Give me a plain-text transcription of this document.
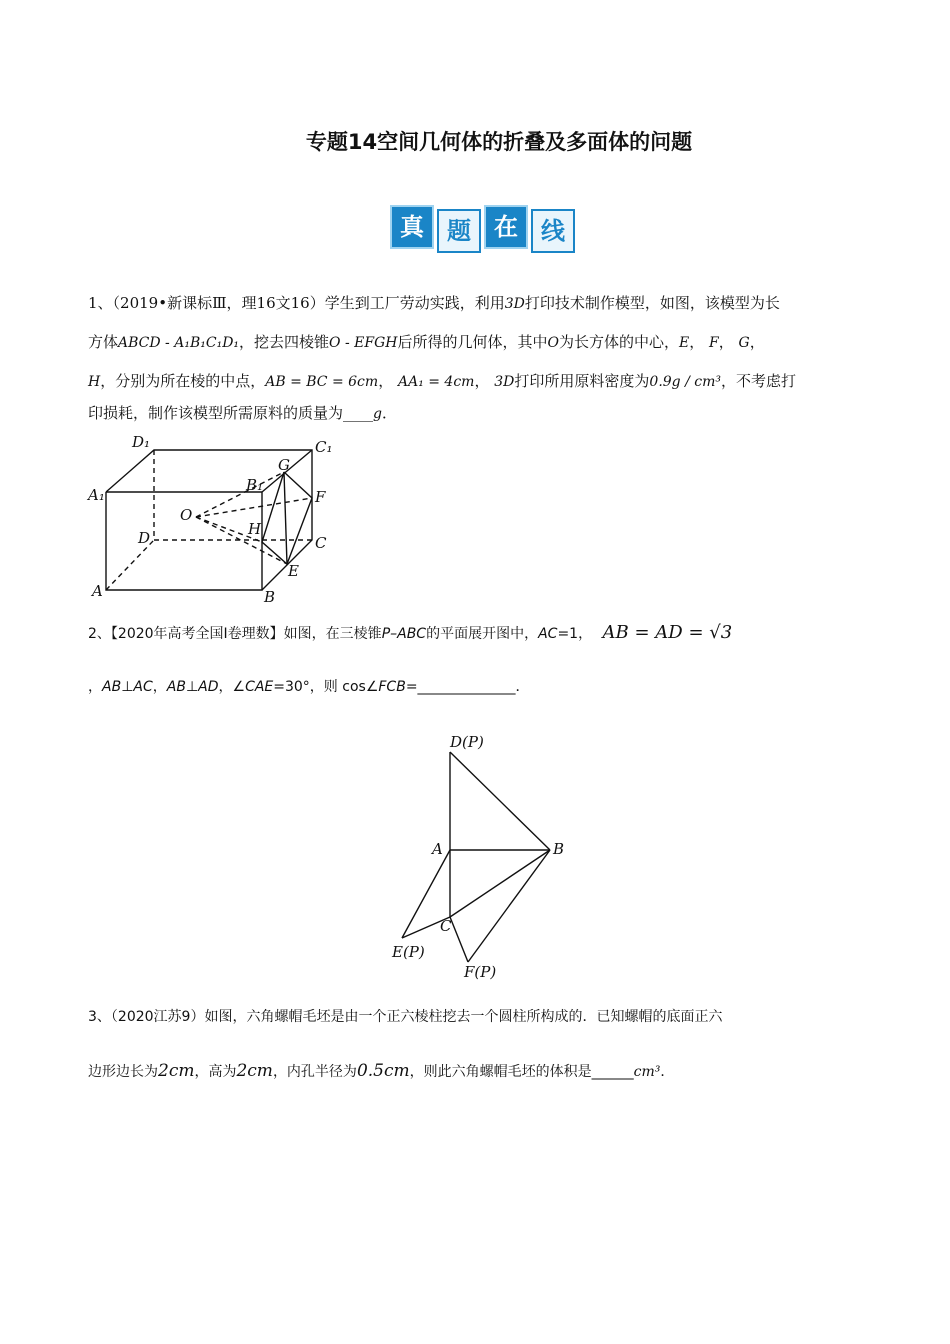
专题14空间几何体的折叠及多面体的问题
真 题 在 线
1、（2019•新课标Ⅲ，理16文16）学生到工厂劳动实践，利用3D打印技术制作模型，如图，该模型为长
方体ABCD - A₁B₁C₁D₁，挖去四棱锥O - EFGH后所得的几何体，其中O为长方体的中心，E， F， G，
H，分别为所在棱的中点，AB = BC = 6cm， AA₁ = 4cm， 3D打印所用原料密度为0.9g / cm³，不考虑打
印损耗，制作该模型所需原料的质量为____g．
D₁	C₁
A₁
B₁
G
F
O
H
D	C
E
A	B
2、【2020年高考全国Ⅰ卷理数】如图，在三棱锥P–ABC的平面展开图中，AC=1， AB = AD = √3
，AB⊥AC，AB⊥AD，∠CAE=30°，则 cos∠FCB=______________．
D(P)
A	B
C
E(P)
F(P)
3、（2020江苏9）如图，六角螺帽毛坯是由一个正六棱柱挖去一个圆柱所构成的．已知螺帽的底面正六
边形边长为2cm，高为2cm，内孔半径为0.5cm，则此六角螺帽毛坯的体积是______cm³．
